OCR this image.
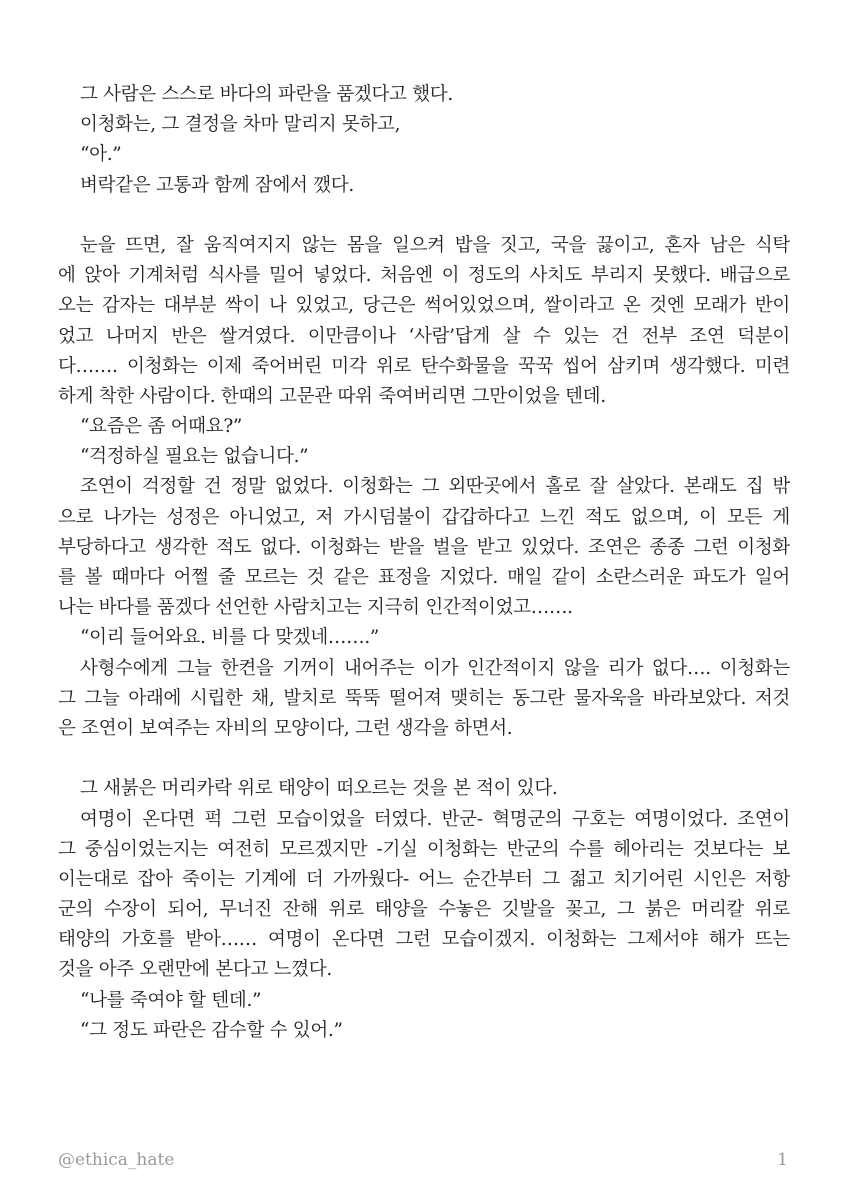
그 사람은 스스로 바다의 파란을 품겠다고 했다.
이청화는, 그 결정을 차마 말리지 못하고,
“아.”
벼락같은 고통과 함께 잠에서 깼다.
눈을 뜨면, 잘 움직여지지 않는 몸을 일으켜 밥을 짓고, 국을 끓이고, 혼자 남은 식탁
에 앉아 기계처럼 식사를 밀어 넣었다. 처음엔 이 정도의 사치도 부리지 못했다. 배급으로
오는 감자는 대부분 싹이 나 있었고, 당근은 썩어있었으며, 쌀이라고 온 것엔 모래가 반이
었고 나머지 반은 쌀겨였다. 이만큼이나 ‘사람’답게 살 수 있는 건 전부 조연 덕분이
다……. 이청화는 이제 죽어버린 미각 위로 탄수화물을 꾹꾹 씹어 삼키며 생각했다. 미련
하게 착한 사람이다. 한때의 고문관 따위 죽여버리면 그만이었을 텐데.
“요즘은 좀 어때요?”
“걱정하실 필요는 없습니다.”
조연이 걱정할 건 정말 없었다. 이청화는 그 외딴곳에서 홀로 잘 살았다. 본래도 집 밖
으로 나가는 성정은 아니었고, 저 가시덤불이 갑갑하다고 느낀 적도 없으며, 이 모든 게
부당하다고 생각한 적도 없다. 이청화는 받을 벌을 받고 있었다. 조연은 종종 그런 이청화
를 볼 때마다 어쩔 줄 모르는 것 같은 표정을 지었다. 매일 같이 소란스러운 파도가 일어
나는 바다를 품겠다 선언한 사람치고는 지극히 인간적이었고…….
“이리 들어와요. 비를 다 맞겠네…….”
사형수에게 그늘 한켠을 기꺼이 내어주는 이가 인간적이지 않을 리가 없다…. 이청화는
그 그늘 아래에 시립한 채, 발치로 뚝뚝 떨어져 맺히는 동그란 물자욱을 바라보았다. 저것
은 조연이 보여주는 자비의 모양이다, 그런 생각을 하면서.
그 새붉은 머리카락 위로 태양이 떠오르는 것을 본 적이 있다.
여명이 온다면 퍽 그런 모습이었을 터였다. 반군- 혁명군의 구호는 여명이었다. 조연이
그 중심이었는지는 여전히 모르겠지만 -기실 이청화는 반군의 수를 헤아리는 것보다는 보
이는대로 잡아 죽이는 기계에 더 가까웠다- 어느 순간부터 그 젊고 치기어린 시인은 저항
군의 수장이 되어, 무너진 잔해 위로 태양을 수놓은 깃발을 꽂고, 그 붉은 머리칼 위로
태양의 가호를 받아…… 여명이 온다면 그런 모습이겠지. 이청화는 그제서야 해가 뜨는
것을 아주 오랜만에 본다고 느꼈다.
“나를 죽여야 할 텐데.”
“그 정도 파란은 감수할 수 있어.”
@ethica_hate	1
